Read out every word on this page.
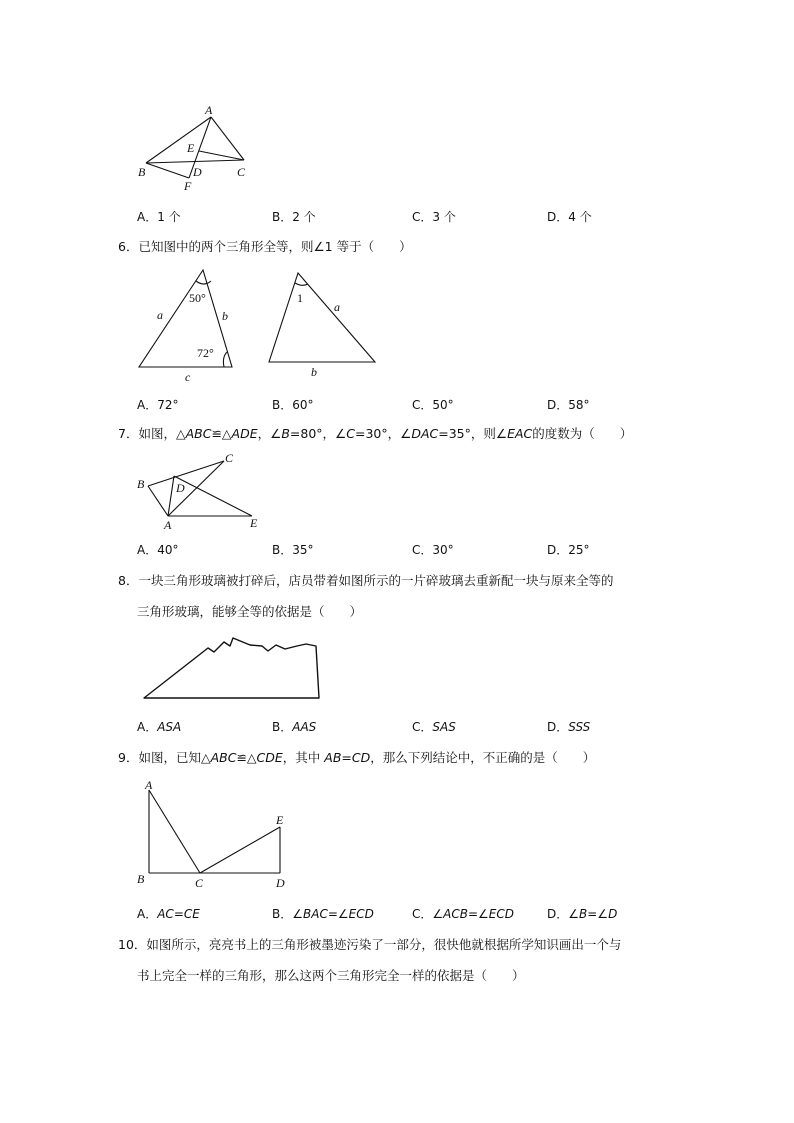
A
E
B	D	C
F
A．1 个	B．2 个	C．3 个	D．4 个
6．已知图中的两个三角形全等，则∠1 等于（　　）
50°
72°
a	b
c
1
a
b
A．72°	B．60°	C．50°	D．58°
7．如图，△ABC≌△ADE，∠B=80°，∠C=30°，∠DAC=35°，则∠EAC的度数为（　　）
C
B	D
A	E
A．40°	B．35°	C．30°	D．25°
8．一块三角形玻璃被打碎后，店员带着如图所示的一片碎玻璃去重新配一块与原来全等的
三角形玻璃，能够全等的依据是（　　）
A．ASA	B．AAS	C．SAS	D．SSS
9．如图，已知△ABC≌△CDE，其中 AB=CD，那么下列结论中，不正确的是（　　）
A
E
B	C	D
A．AC=CE	B．∠BAC=∠ECD	C．∠ACB=∠ECD	D．∠B=∠D
10．如图所示，亮亮书上的三角形被墨迹污染了一部分，很快他就根据所学知识画出一个与
书上完全一样的三角形，那么这两个三角形完全一样的依据是（　　）
